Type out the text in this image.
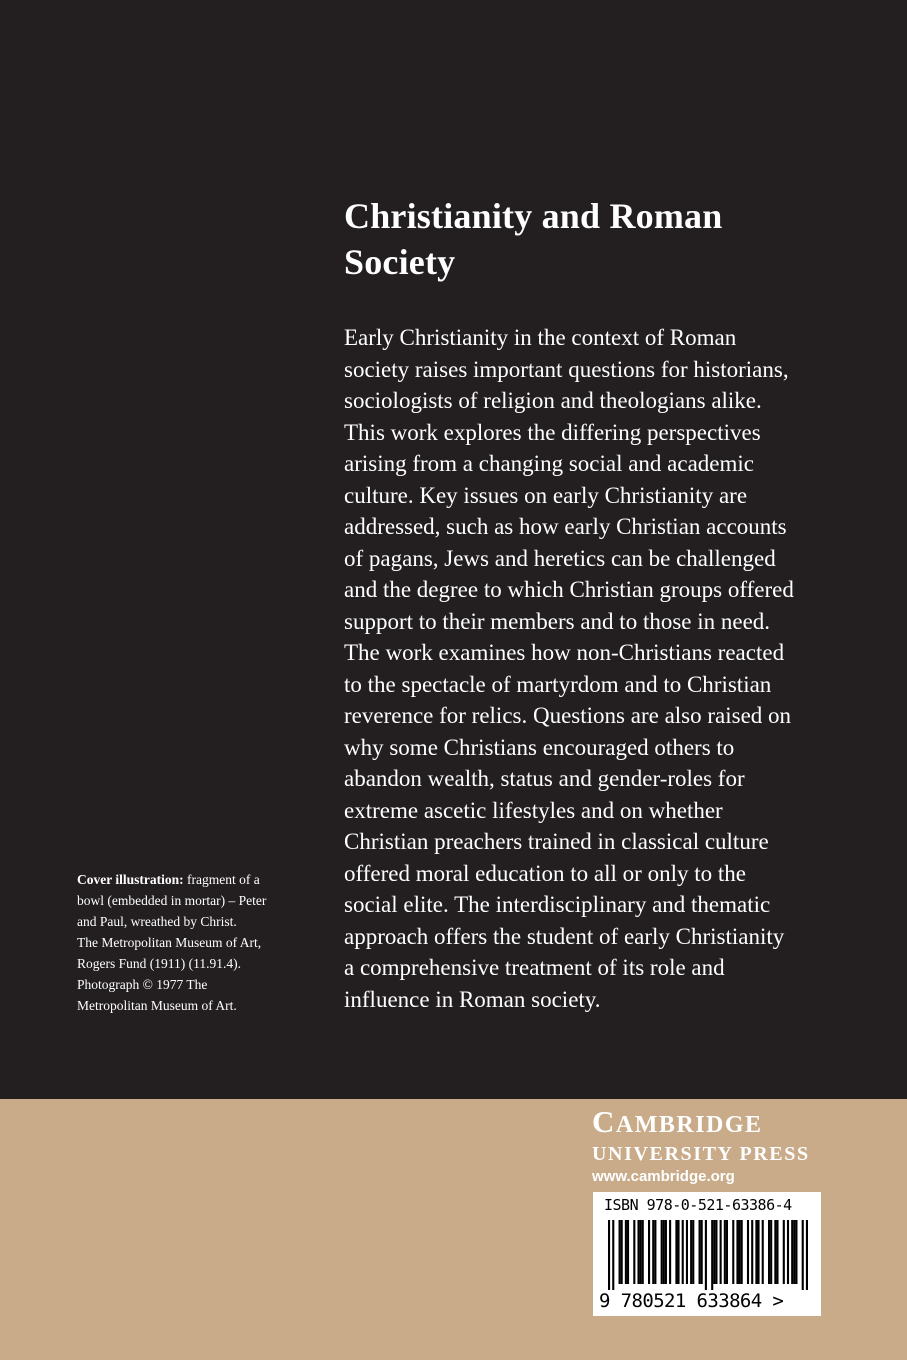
Christianity and Roman
Society

Early Christianity in the context of Roman
society raises important questions for historians,
sociologists of religion and theologians alike.
This work explores the differing perspectives
arising from a changing social and academic
culture. Key issues on early Christianity are
addressed, such as how early Christian accounts
of pagans, Jews and heretics can be challenged
and the degree to which Christian groups offered
support to their members and to those in need.
The work examines how non-Christians reacted
to the spectacle of martyrdom and to Christian
reverence for relics. Questions are also raised on
why some Christians encouraged others to
abandon wealth, status and gender-roles for
extreme ascetic lifestyles and on whether
Christian preachers trained in classical culture
offered moral education to all or only to the
social elite. The interdisciplinary and thematic
approach offers the student of early Christianity
a comprehensive treatment of its role and
influence in Roman society.

Cover illustration: fragment of a
bowl (embedded in mortar) – Peter
and Paul, wreathed by Christ.
The Metropolitan Museum of Art,
Rogers Fund (1911) (11.91.4).
Photograph © 1977 The
Metropolitan Museum of Art.

CAMBRIDGE
UNIVERSITY PRESS
www.cambridge.org
ISBN 978-0-521-63386-4
9 780521 633864 >
